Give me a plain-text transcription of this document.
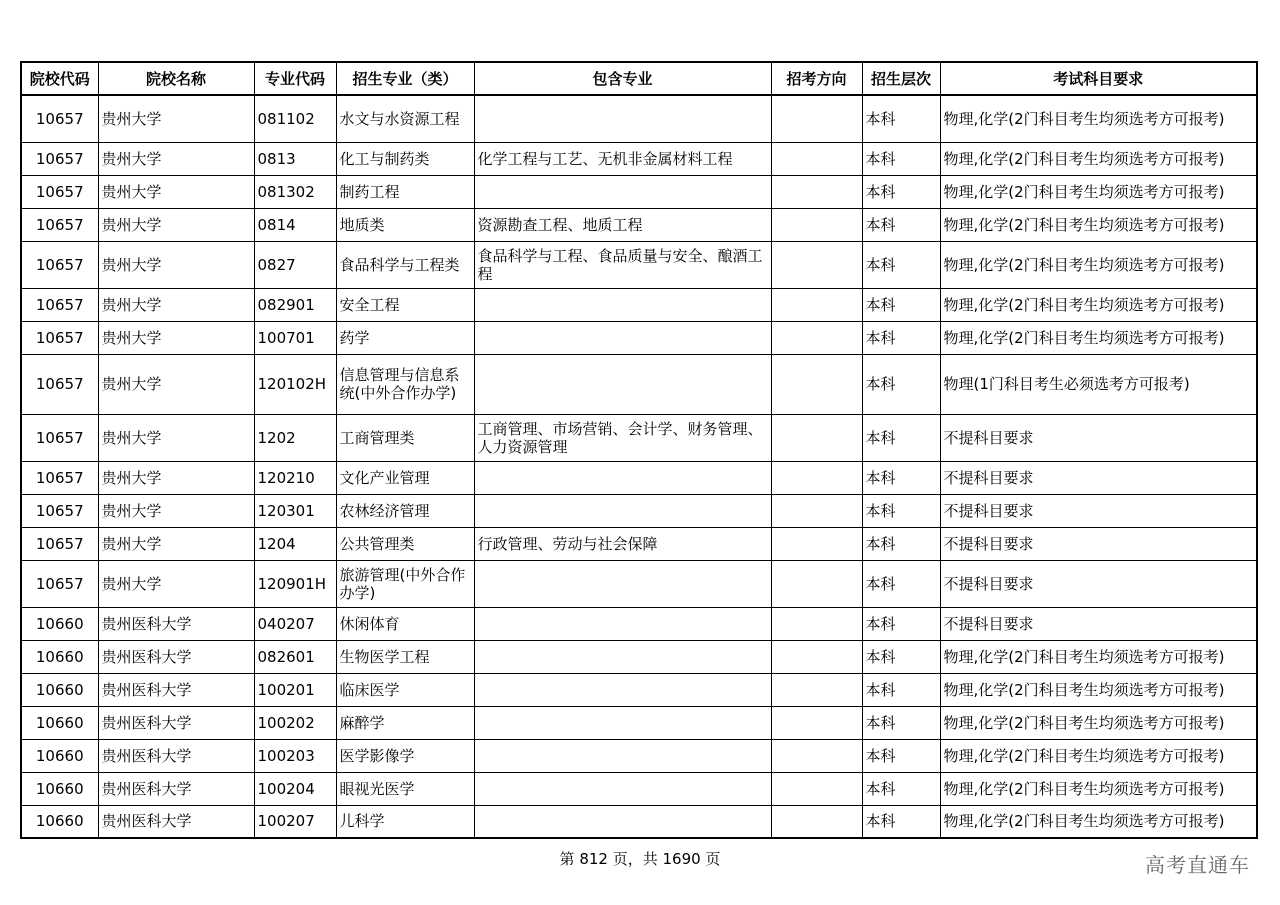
院校代码	院校名称	专业代码	招生专业（类）	包含专业	招考方向	招生层次	考试科目要求
10657	贵州大学	081102	水文与水资源工程			本科	物理,化学(2门科目考生均须选考方可报考)
10657	贵州大学	0813	化工与制药类	化学工程与工艺、无机非金属材料工程		本科	物理,化学(2门科目考生均须选考方可报考)
10657	贵州大学	081302	制药工程			本科	物理,化学(2门科目考生均须选考方可报考)
10657	贵州大学	0814	地质类	资源勘查工程、地质工程		本科	物理,化学(2门科目考生均须选考方可报考)
10657	贵州大学	0827	食品科学与工程类	食品科学与工程、食品质量与安全、酿酒工程		本科	物理,化学(2门科目考生均须选考方可报考)
10657	贵州大学	082901	安全工程			本科	物理,化学(2门科目考生均须选考方可报考)
10657	贵州大学	100701	药学			本科	物理,化学(2门科目考生均须选考方可报考)
10657	贵州大学	120102H	信息管理与信息系统(中外合作办学)			本科	物理(1门科目考生必须选考方可报考)
10657	贵州大学	1202	工商管理类	工商管理、市场营销、会计学、财务管理、人力资源管理		本科	不提科目要求
10657	贵州大学	120210	文化产业管理			本科	不提科目要求
10657	贵州大学	120301	农林经济管理			本科	不提科目要求
10657	贵州大学	1204	公共管理类	行政管理、劳动与社会保障		本科	不提科目要求
10657	贵州大学	120901H	旅游管理(中外合作办学)			本科	不提科目要求
10660	贵州医科大学	040207	休闲体育			本科	不提科目要求
10660	贵州医科大学	082601	生物医学工程			本科	物理,化学(2门科目考生均须选考方可报考)
10660	贵州医科大学	100201	临床医学			本科	物理,化学(2门科目考生均须选考方可报考)
10660	贵州医科大学	100202	麻醉学			本科	物理,化学(2门科目考生均须选考方可报考)
10660	贵州医科大学	100203	医学影像学			本科	物理,化学(2门科目考生均须选考方可报考)
10660	贵州医科大学	100204	眼视光医学			本科	物理,化学(2门科目考生均须选考方可报考)
10660	贵州医科大学	100207	儿科学			本科	物理,化学(2门科目考生均须选考方可报考)
第 812 页，共 1690 页	高考直通车
